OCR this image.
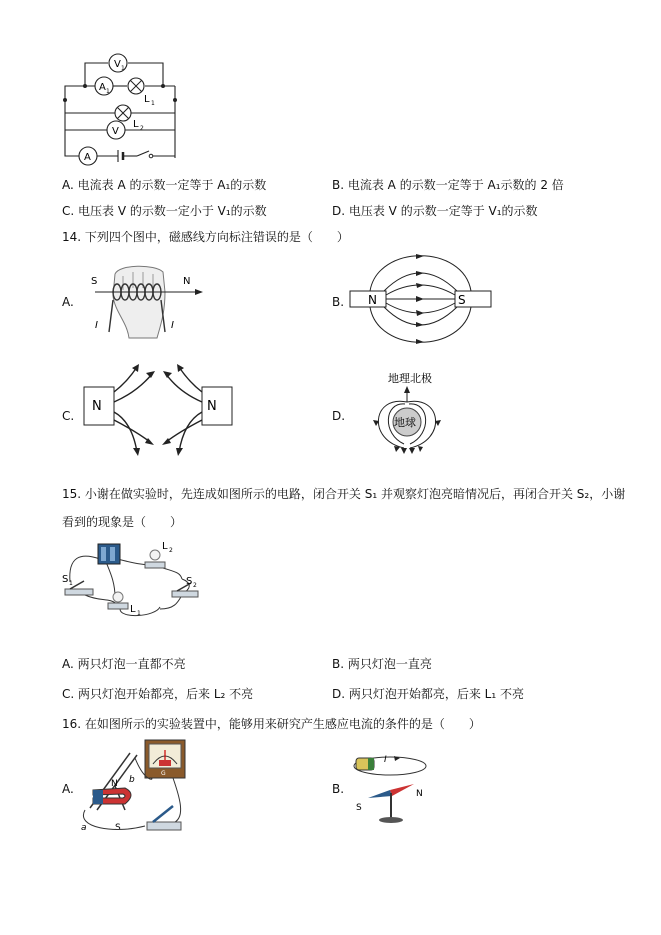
V 1
A 1
L 1
L 2
V
A
A. 电流表 A 的示数一定等于 A₁的示数	B. 电流表 A 的示数一定等于 A₁示数的 2 倍
C. 电压表 V 的示数一定小于 V₁的示数	D. 电压表 V 的示数一定等于 V₁的示数
14. 下列四个图中，磁感线方向标注错误的是（　　）
A.
S	N
I	I
B. N	S
C.
N	N
D.
地理北极
地球
15. 小谢在做实验时，先连成如图所示的电路，闭合开关 S₁ 并观察灯泡亮暗情况后，再闭合开关 S₂，小谢
看到的现象是（　　）
L 2
S 1	S 2
L 1
A. 两只灯泡一直都不亮	B. 两只灯泡一直亮
C. 两只灯泡开始都亮，后来 L₂ 不亮	D. 两只灯泡开始都亮，后来 L₁ 不亮
16. 在如图所示的实验装置中，能够用来研究产生感应电流的条件的是（　　）
A.
G
N
S
a
b
B.
I
S
N
